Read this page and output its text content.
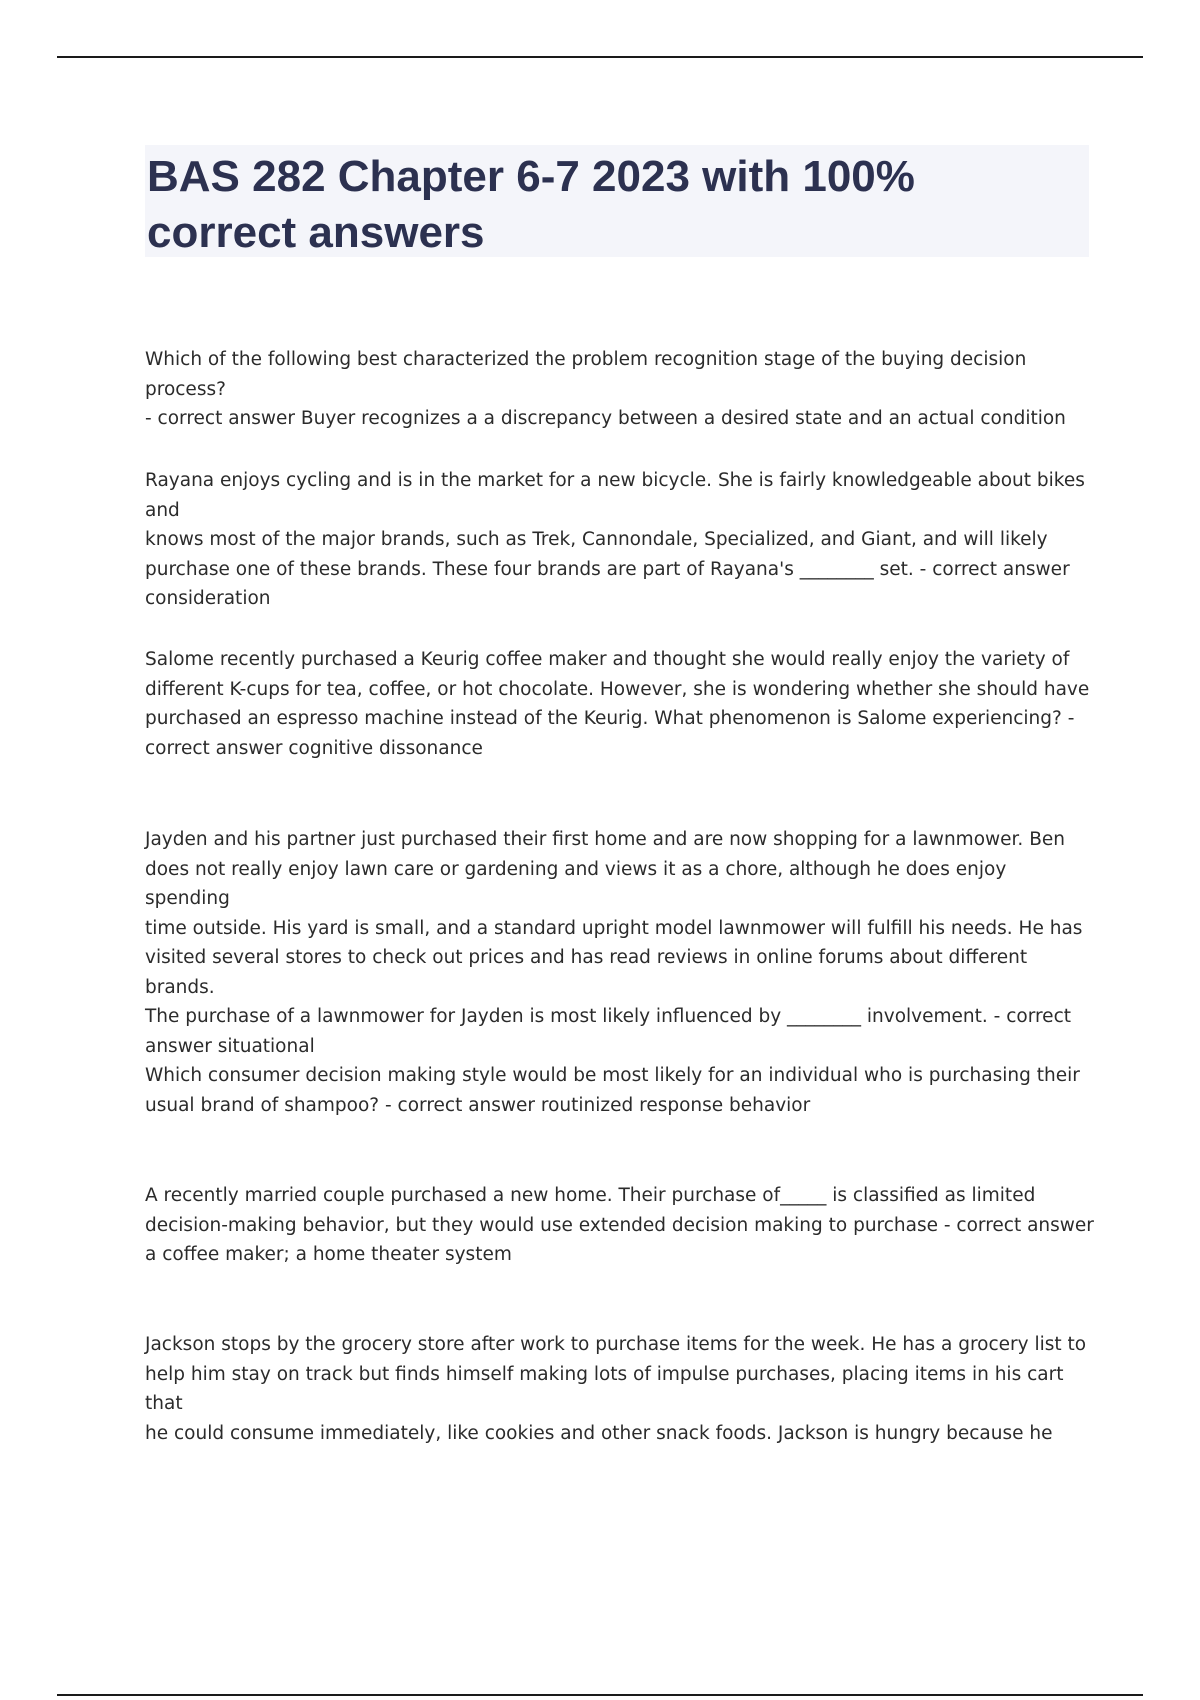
BAS 282 Chapter 6-7 2023 with 100%
correct answers

Which of the following best characterized the problem recognition stage of the buying decision process?
- correct answer Buyer recognizes a a discrepancy between a desired state and an actual condition

Rayana enjoys cycling and is in the market for a new bicycle. She is fairly knowledgeable about bikes and
knows most of the major brands, such as Trek, Cannondale, Specialized, and Giant, and will likely
purchase one of these brands. These four brands are part of Rayana's ________ set. - correct answer
consideration

Salome recently purchased a Keurig coffee maker and thought she would really enjoy the variety of
different K-cups for tea, coffee, or hot chocolate. However, she is wondering whether she should have
purchased an espresso machine instead of the Keurig. What phenomenon is Salome experiencing? -
correct answer cognitive dissonance

Jayden and his partner just purchased their first home and are now shopping for a lawnmower. Ben
does not really enjoy lawn care or gardening and views it as a chore, although he does enjoy spending
time outside. His yard is small, and a standard upright model lawnmower will fulfill his needs. He has
visited several stores to check out prices and has read reviews in online forums about different brands.
The purchase of a lawnmower for Jayden is most likely influenced by ________ involvement. - correct
answer situational

Which consumer decision making style would be most likely for an individual who is purchasing their
usual brand of shampoo? - correct answer routinized response behavior

A recently married couple purchased a new home. Their purchase of_____ is classified as limited
decision-making behavior, but they would use extended decision making to purchase - correct answer
a coffee maker; a home theater system

Jackson stops by the grocery store after work to purchase items for the week. He has a grocery list to
help him stay on track but finds himself making lots of impulse purchases, placing items in his cart that
he could consume immediately, like cookies and other snack foods. Jackson is hungry because he
